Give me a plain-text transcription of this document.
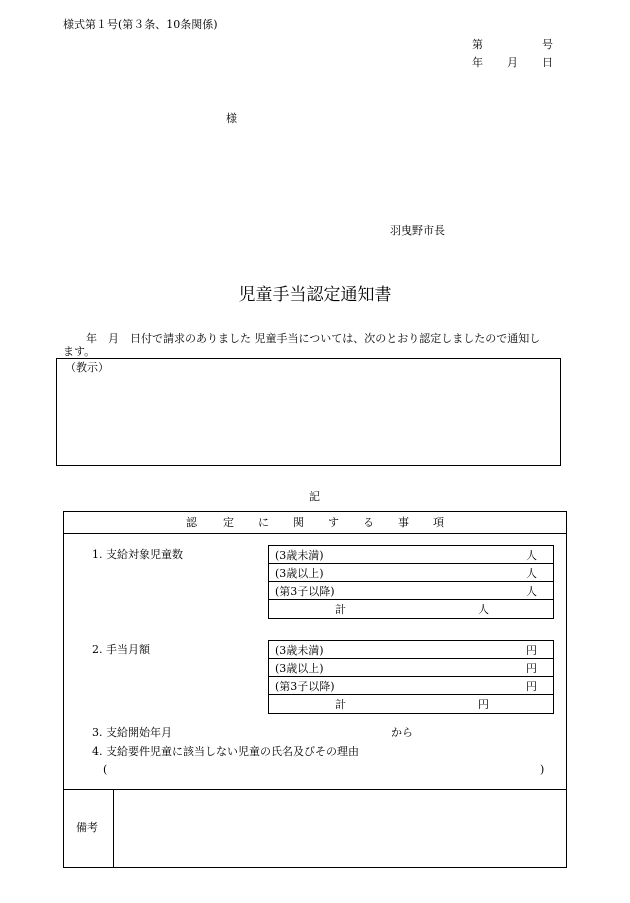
様式第１号(第３条、10条関係)
第	号
年 月 日
様
羽曳野市長
児童手当認定通知書
年　月　日付で請求のありました 児童手当については、次のとおり認定しましたので通知し
ます。
（教示）
記
認 定 に 関 す る 事 項
1. 支給対象児童数	(3歳未満)	人
(3歳以上)	人
(第3子以降)	人
計	人
2. 手当月額	(3歳未満)	円
(3歳以上)	円
(第3子以降)	円
計	円
3. 支給開始年月	から
4. 支給要件児童に該当しない児童の氏名及びその理由
(	)
備考
